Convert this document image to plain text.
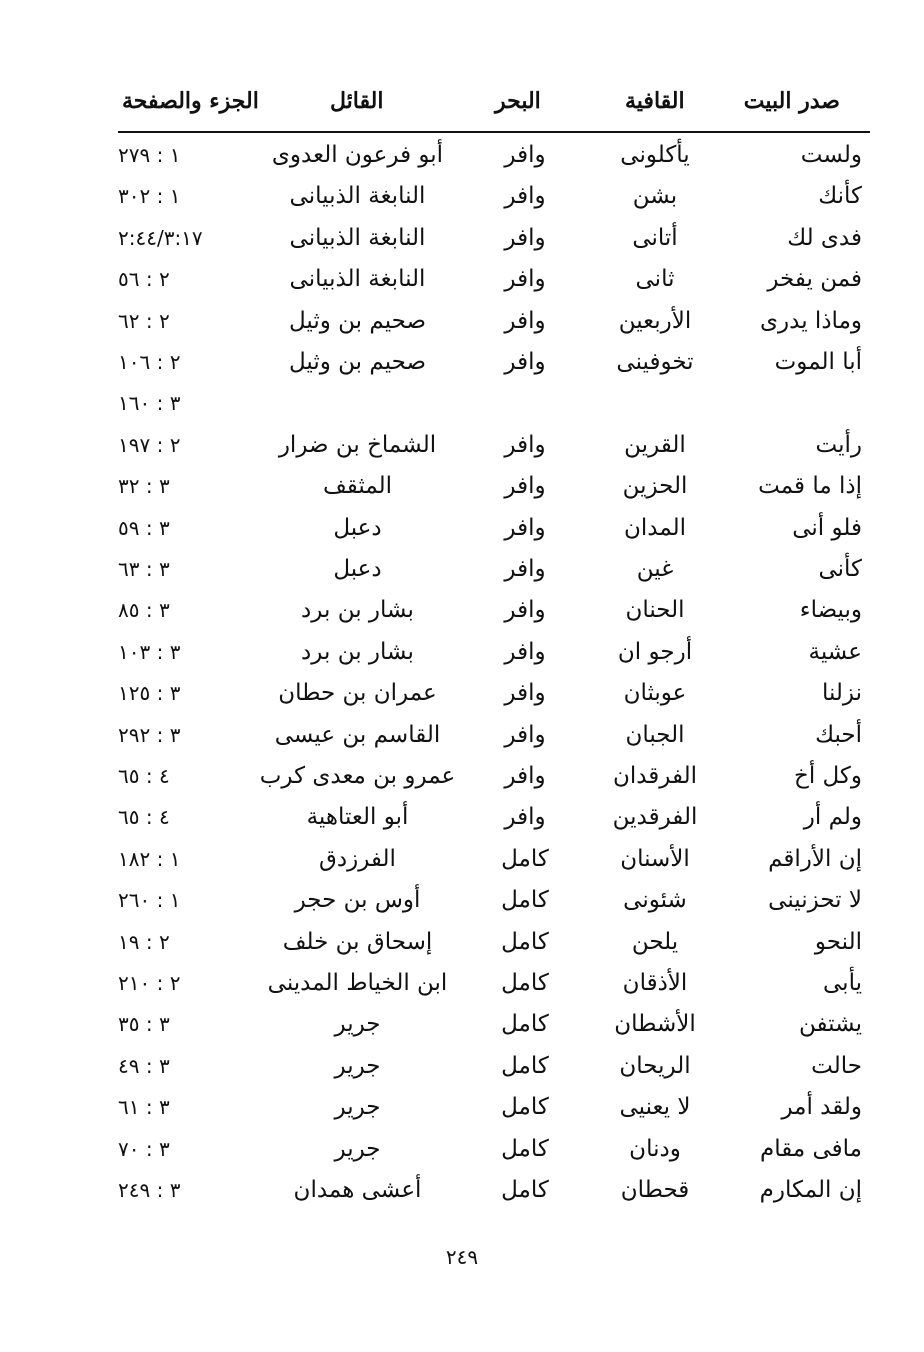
صدر البيت
القافية
البحر
القائل
الجزء والصفحة
ولست
يأكلونى
وافر
أبو فرعون العدوى
١ : ٢٧٩
كأنك
بشن
وافر
النابغة الذبيانى
١ : ٣٠٢
فدى لك
أتانى
وافر
النابغة الذبيانى
٢:٤٤/٣:١٧
فمن يفخر
ثانى
وافر
النابغة الذبيانى
٢ : ٥٦
وماذا يدرى
الأربعين
وافر
صحيم بن وثيل
٢ : ٦٢
أبا الموت
تخوفينى
وافر
صحيم بن وثيل
٢ : ١٠٦
٣ : ١٦٠
رأيت
القرين
وافر
الشماخ بن ضرار
٢ : ١٩٧
إذا ما قمت
الحزين
وافر
المثقف
٣ : ٣٢
فلو أنى
المدان
وافر
دعبل
٣ : ٥٩
كأنى
غين
وافر
دعبل
٣ : ٦٣
وبيضاء
الحنان
وافر
بشار بن برد
٣ : ٨٥
عشية
أرجو ان
وافر
بشار بن برد
٣ : ١٠٣
نزلنا
عوبثان
وافر
عمران بن حطان
٣ : ١٢٥
أحبك
الجبان
وافر
القاسم بن عيسى
٣ : ٢٩٢
وكل أخ
الفرقدان
وافر
عمرو بن معدى كرب
٤ : ٦٥
ولم أر
الفرقدين
وافر
أبو العتاهية
٤ : ٦٥
إن الأراقم
الأسنان
كامل
الفرزدق
١ : ١٨٢
لا تحزنينى
شئونى
كامل
أوس بن حجر
١ : ٢٦٠
النحو
يلحن
كامل
إسحاق بن خلف
٢ : ١٩
يأبى
الأذقان
كامل
ابن الخياط المدينى
٢ : ٢١٠
يشتفن
الأشطان
كامل
جرير
٣ : ٣٥
حالت
الريحان
كامل
جرير
٣ : ٤٩
ولقد أمر
لا يعنيى
كامل
جرير
٣ : ٦١
مافى مقام
ودنان
كامل
جرير
٣ : ٧٠
إن المكارم
قحطان
كامل
أعشى همدان
٣ : ٢٤٩
٢٤٩
